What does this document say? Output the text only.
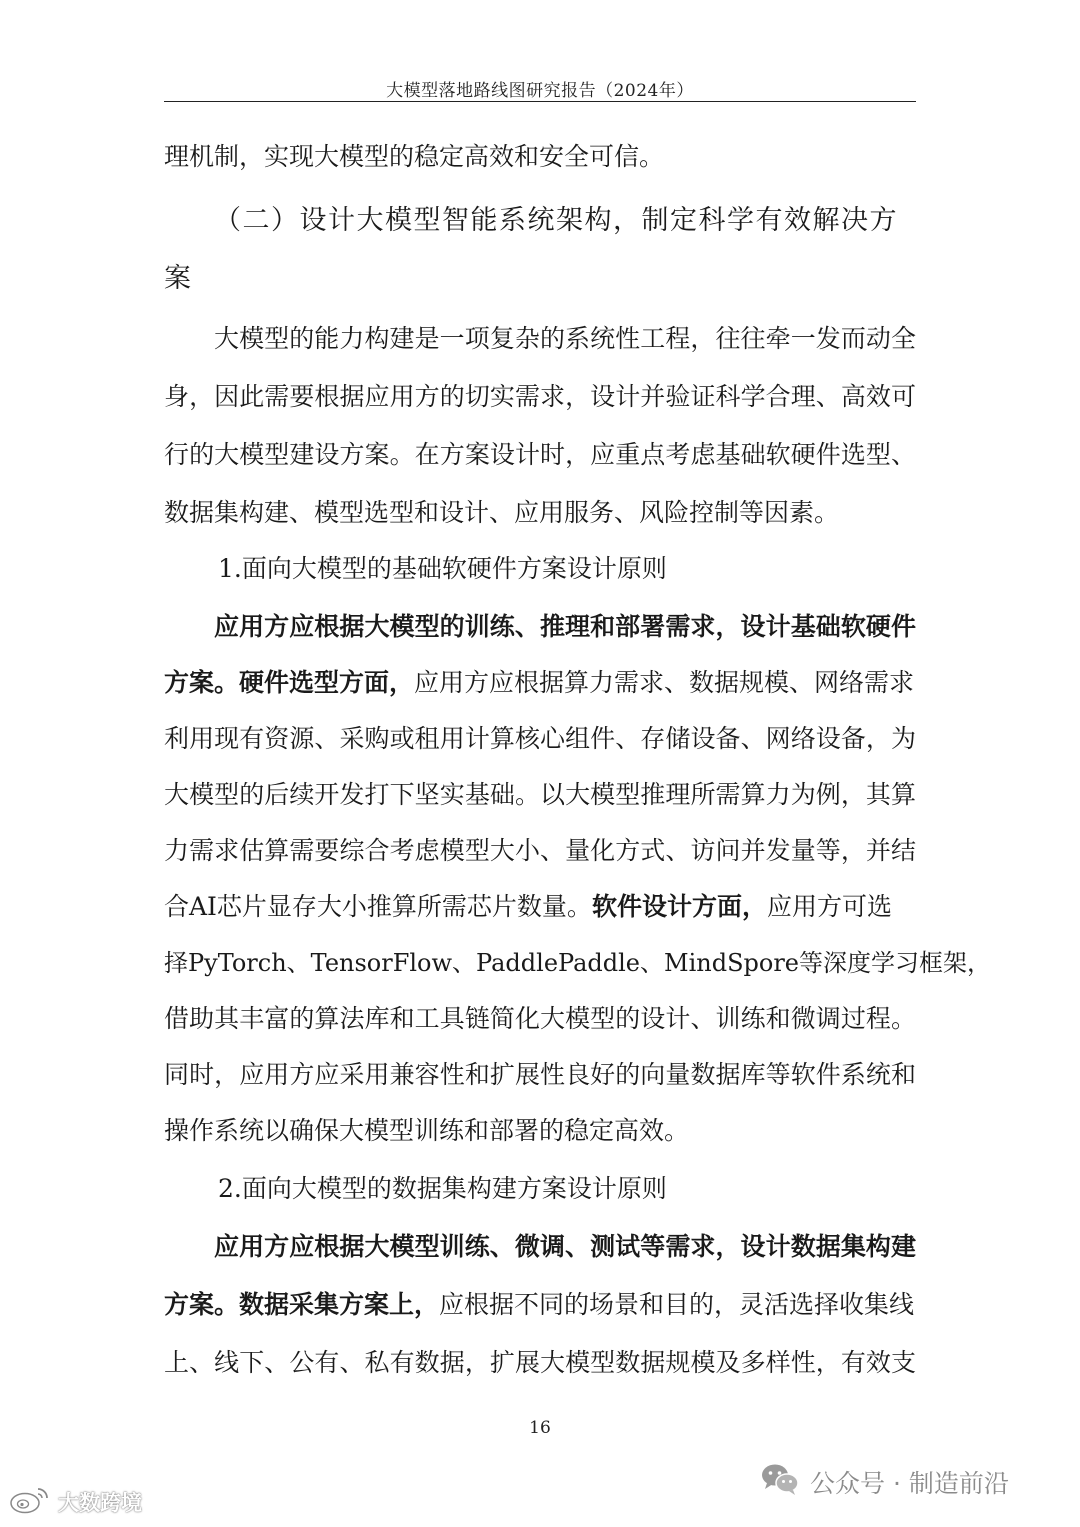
大模型落地路线图研究报告（2024年）
理机制，实现大模型的稳定高效和安全可信。
（二）设计大模型智能系统架构，制定科学有效解决方
案
大模型的能力构建是一项复杂的系统性工程，往往牵一发而动全
身，因此需要根据应用方的切实需求，设计并验证科学合理、高效可
行的大模型建设方案。在方案设计时，应重点考虑基础软硬件选型、
数据集构建、模型选型和设计、应用服务、风险控制等因素。
1.面向大模型的基础软硬件方案设计原则
应用方应根据大模型的训练、推理和部署需求，设计基础软硬件
方案。硬件选型方面，应用方应根据算力需求、数据规模、网络需求
利用现有资源、采购或租用计算核心组件、存储设备、网络设备，为
大模型的后续开发打下坚实基础。以大模型推理所需算力为例，其算
力需求估算需要综合考虑模型大小、量化方式、访问并发量等，并结
合AI芯片显存大小推算所需芯片数量。软件设计方面，应用方可选
择PyTorch、TensorFlow、PaddlePaddle、MindSpore等深度学习框架，
借助其丰富的算法库和工具链简化大模型的设计、训练和微调过程。
同时，应用方应采用兼容性和扩展性良好的向量数据库等软件系统和
操作系统以确保大模型训练和部署的稳定高效。
2.面向大模型的数据集构建方案设计原则
应用方应根据大模型训练、微调、测试等需求，设计数据集构建
方案。数据采集方案上，应根据不同的场景和目的，灵活选择收集线
上、线下、公有、私有数据，扩展大模型数据规模及多样性，有效支
16
公众号 · 制造前沿
大数跨境
